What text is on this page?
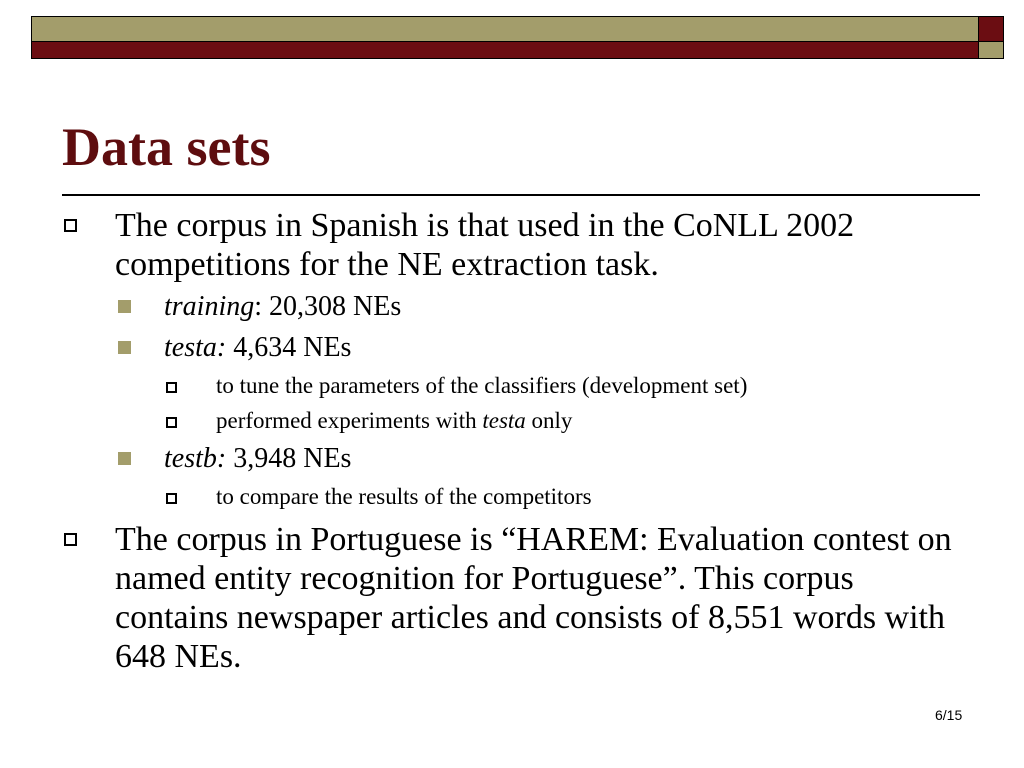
Data sets
The corpus in Spanish is that used in the CoNLL 2002 competitions for the NE extraction task.
training: 20,308 NEs
testa: 4,634 NEs
to tune the parameters of the classifiers (development set)
performed experiments with testa only
testb: 3,948 NEs
to compare the results of the competitors
The corpus in Portuguese is “HAREM: Evaluation contest on named entity recognition for Portuguese”. This corpus contains newspaper articles and consists of 8,551 words with 648 NEs.
6/15
